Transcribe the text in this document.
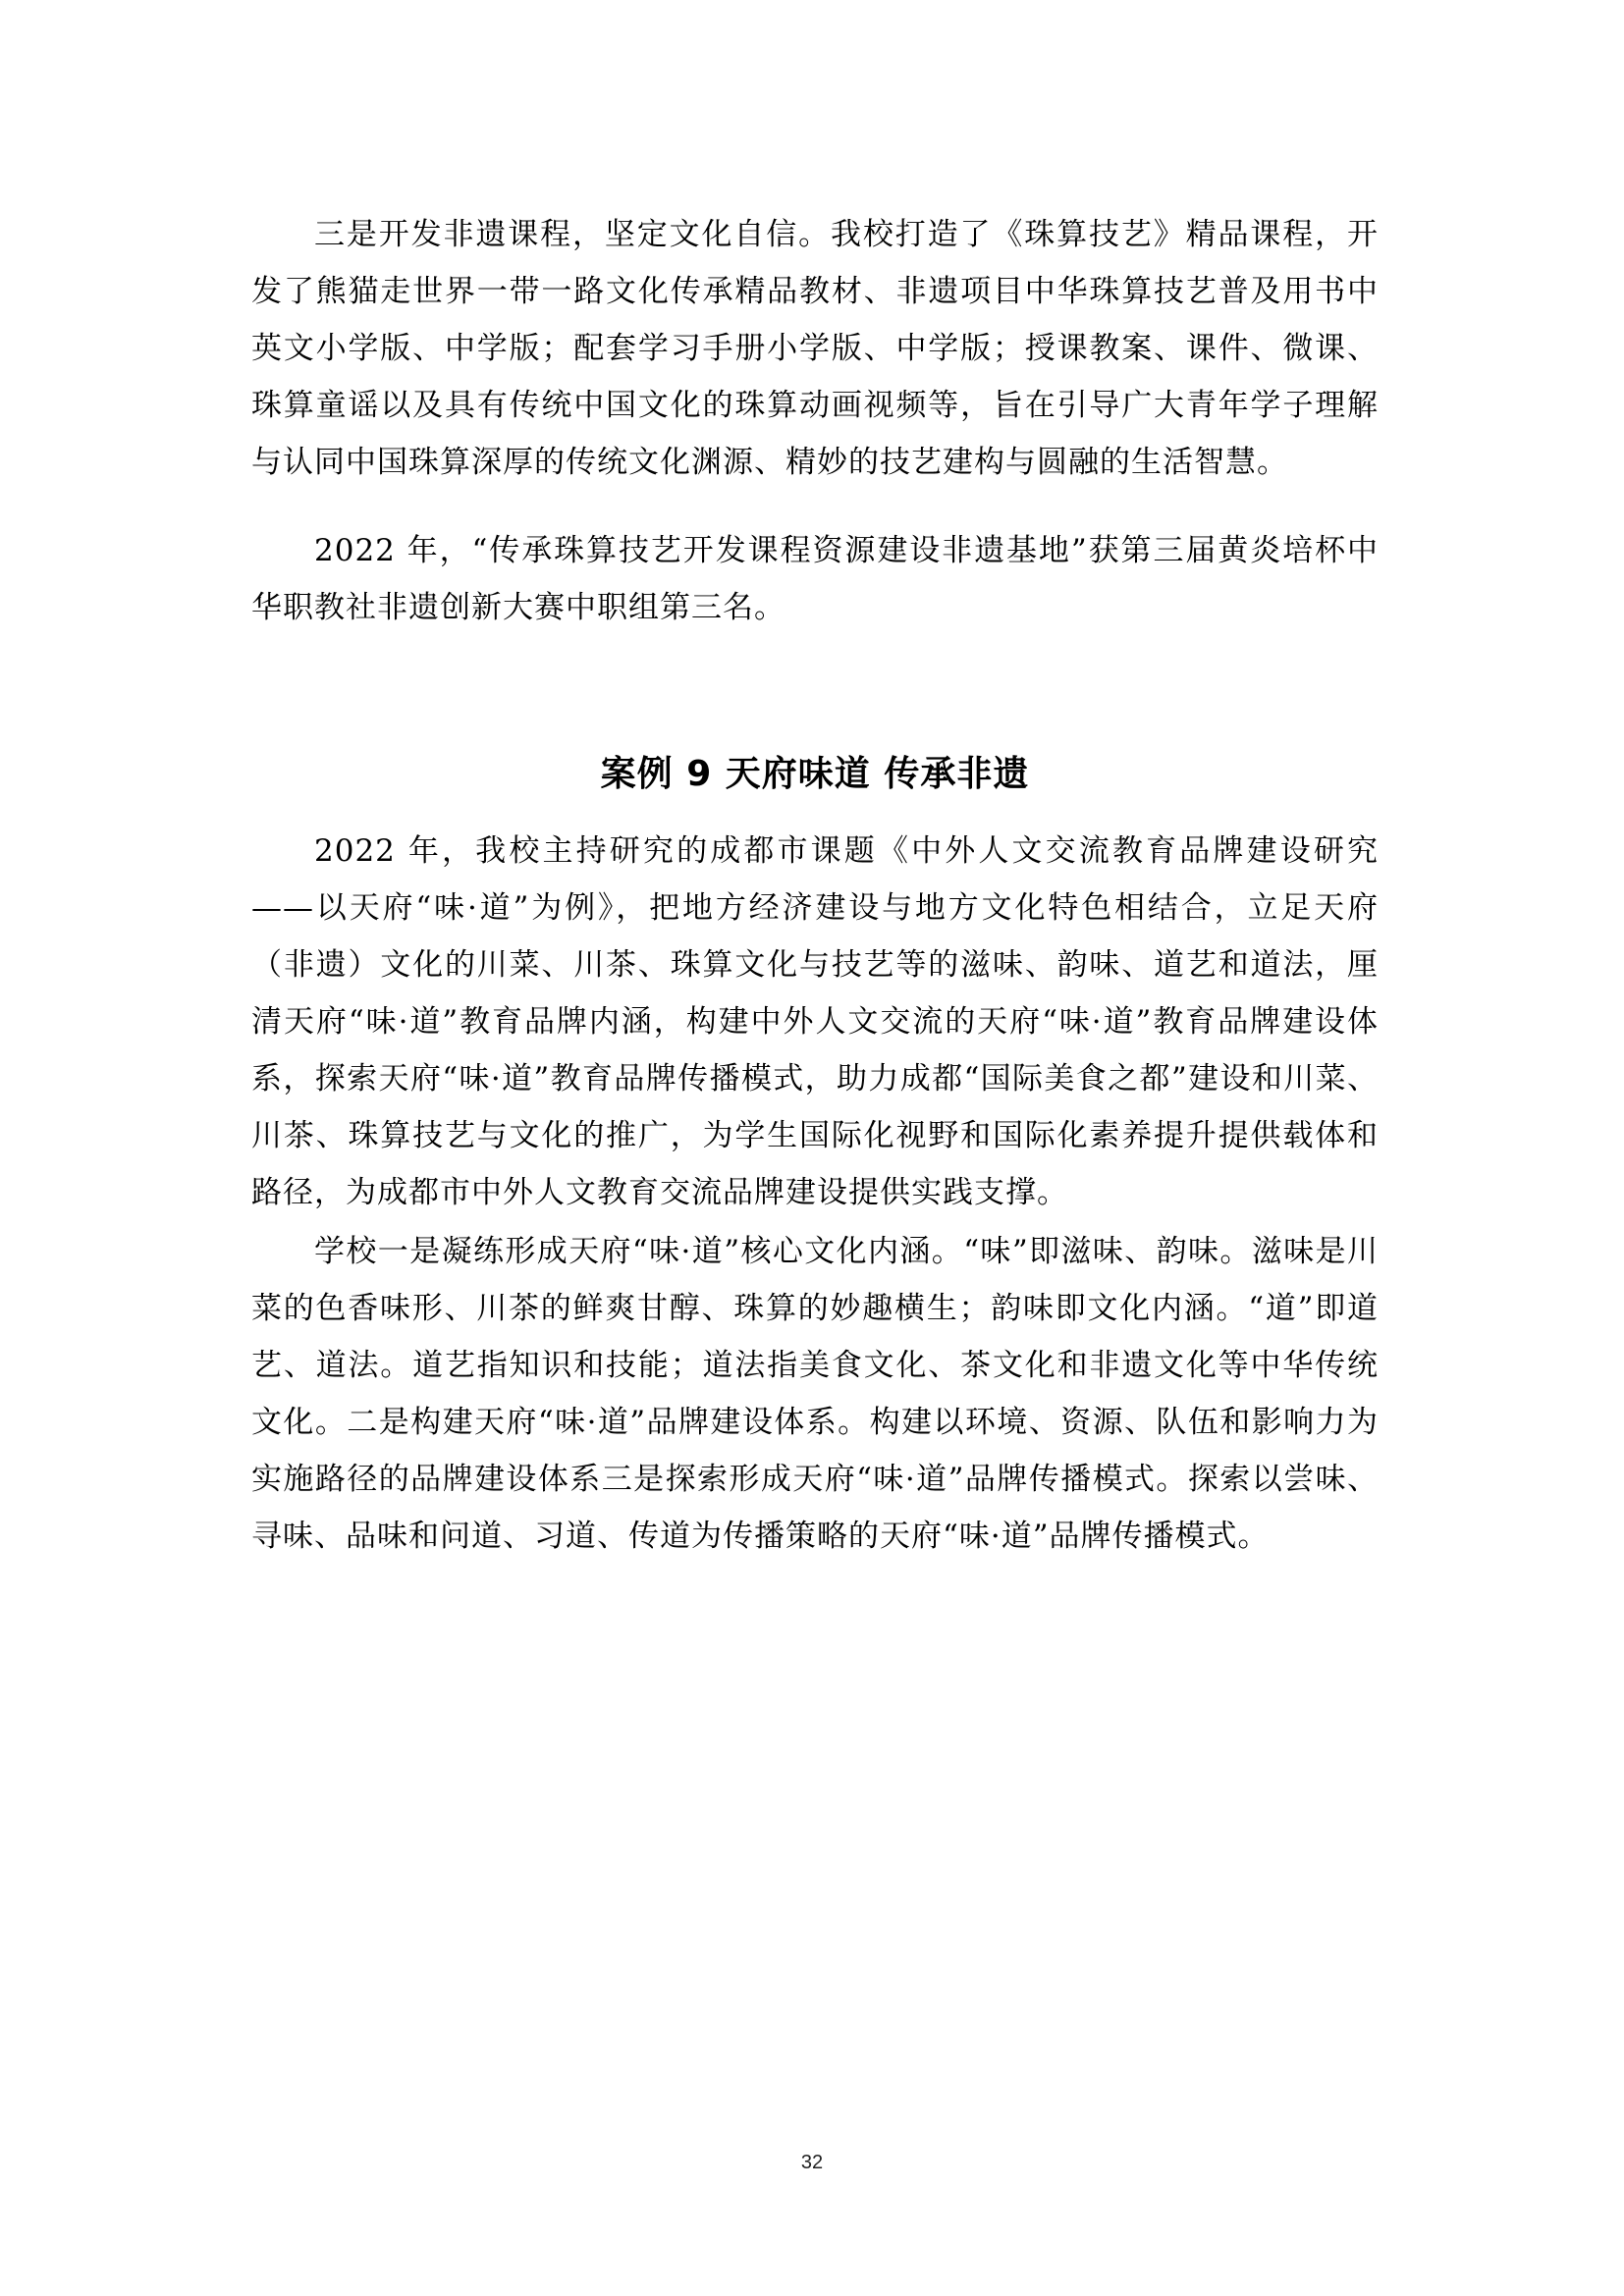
三是开发非遗课程，坚定文化自信。我校打造了《珠算技艺》精品课程，开发了熊猫走世界一带一路文化传承精品教材、非遗项目中华珠算技艺普及用书中英文小学版、中学版；配套学习手册小学版、中学版；授课教案、课件、微课、珠算童谣以及具有传统中国文化的珠算动画视频等，旨在引导广大青年学子理解与认同中国珠算深厚的传统文化渊源、精妙的技艺建构与圆融的生活智慧。

2022 年，“传承珠算技艺开发课程资源建设非遗基地”获第三届黄炎培杯中华职教社非遗创新大赛中职组第三名。

案例 9 天府味道 传承非遗

2022 年，我校主持研究的成都市课题《中外人文交流教育品牌建设研究——以天府“味·道”为例》，把地方经济建设与地方文化特色相结合，立足天府（非遗）文化的川菜、川茶、珠算文化与技艺等的滋味、韵味、道艺和道法，厘清天府“味·道”教育品牌内涵，构建中外人文交流的天府“味·道”教育品牌建设体系，探索天府“味·道”教育品牌传播模式，助力成都“国际美食之都”建设和川菜、川茶、珠算技艺与文化的推广，为学生国际化视野和国际化素养提升提供载体和路径，为成都市中外人文教育交流品牌建设提供实践支撑。

学校一是凝练形成天府“味·道”核心文化内涵。“味”即滋味、韵味。滋味是川菜的色香味形、川茶的鲜爽甘醇、珠算的妙趣横生；韵味即文化内涵。“道”即道艺、道法。道艺指知识和技能；道法指美食文化、茶文化和非遗文化等中华传统文化。二是构建天府“味·道”品牌建设体系。构建以环境、资源、队伍和影响力为实施路径的品牌建设体系三是探索形成天府“味·道”品牌传播模式。探索以尝味、寻味、品味和问道、习道、传道为传播策略的天府“味·道”品牌传播模式。

32
